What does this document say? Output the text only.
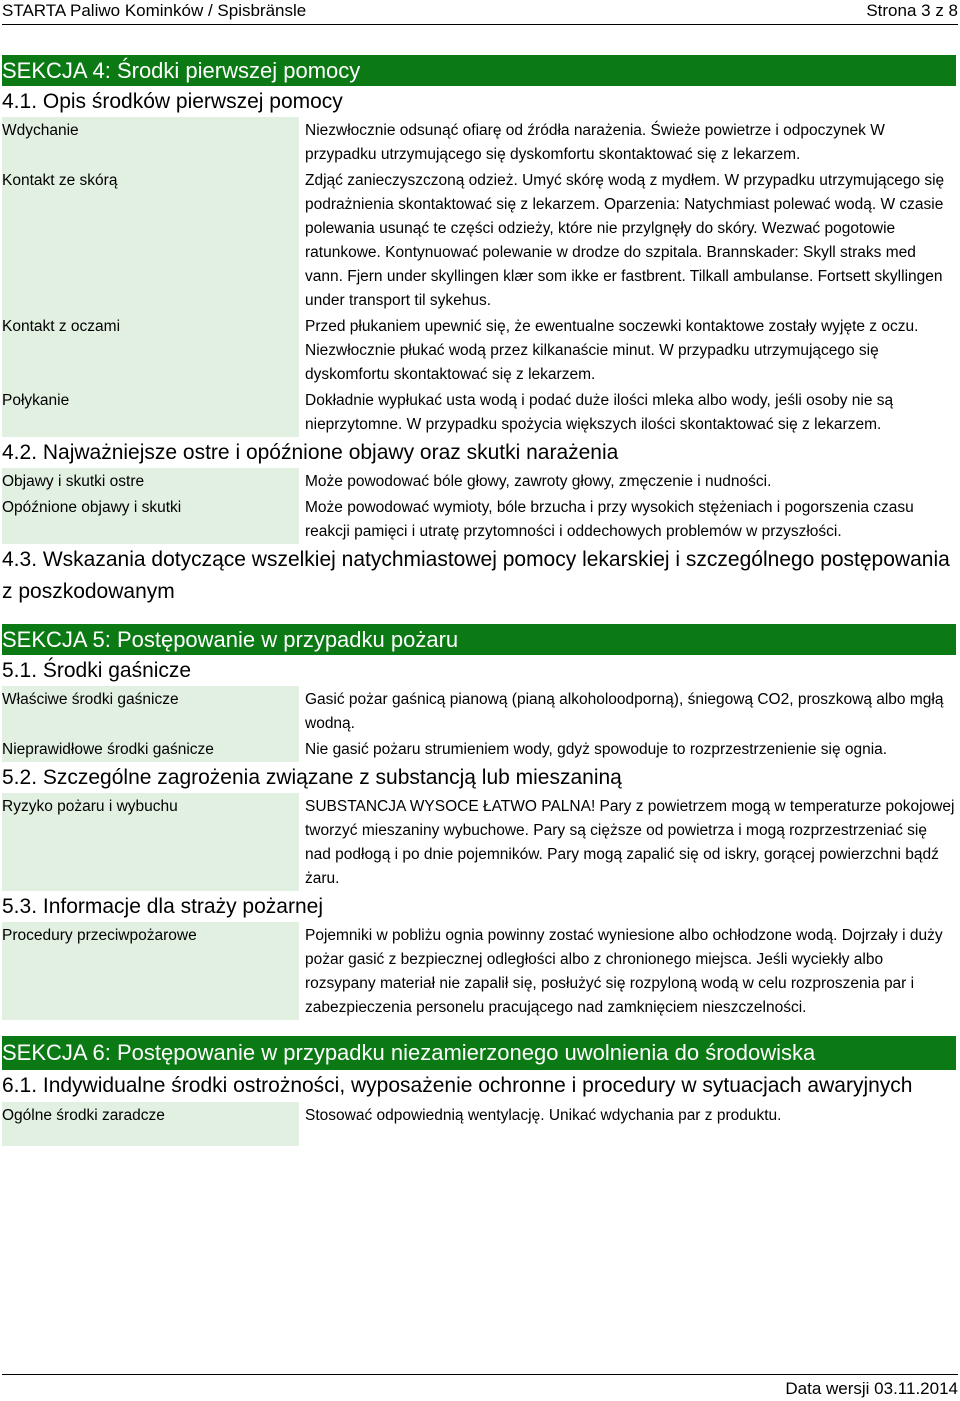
STARTA Paliwo Kominków / Spisbränsle	Strona 3 z 8
SEKCJA 4: Środki pierwszej pomocy
4.1. Opis środków pierwszej pomocy
Wdychanie	Niezwłocznie odsunąć ofiarę od źródła narażenia. Świeże powietrze i odpoczynek W przypadku utrzymującego się dyskomfortu skontaktować się z lekarzem.
Kontakt ze skórą	Zdjąć zanieczyszczoną odzież. Umyć skórę wodą z mydłem. W przypadku utrzymującego się podrażnienia skontaktować się z lekarzem. Oparzenia: Natychmiast polewać wodą. W czasie polewania usunąć te części odzieży, które nie przylgnęły do skóry. Wezwać pogotowie ratunkowe. Kontynuować polewanie w drodze do szpitala. Brannskader: Skyll straks med vann. Fjern under skyllingen klær som ikke er fastbrent. Tilkall ambulanse. Fortsett skyllingen under transport til sykehus.
Kontakt z oczami	Przed płukaniem upewnić się, że ewentualne soczewki kontaktowe zostały wyjęte z oczu. Niezwłocznie płukać wodą przez kilkanaście minut. W przypadku utrzymującego się dyskomfortu skontaktować się z lekarzem.
Połykanie	Dokładnie wypłukać usta wodą i podać duże ilości mleka albo wody, jeśli osoby nie są nieprzytomne. W przypadku spożycia większych ilości skontaktować się z lekarzem.
4.2. Najważniejsze ostre i opóźnione objawy oraz skutki narażenia
Objawy i skutki ostre	Może powodować bóle głowy, zawroty głowy, zmęczenie i nudności.
Opóźnione objawy i skutki	Może powodować wymioty, bóle brzucha i przy wysokich stężeniach i pogorszenia czasu reakcji pamięci i utratę przytomności i oddechowych problemów w przyszłości.
4.3. Wskazania dotyczące wszelkiej natychmiastowej pomocy lekarskiej i szczególnego postępowania z poszkodowanym
SEKCJA 5: Postępowanie w przypadku pożaru
5.1. Środki gaśnicze
Właściwe środki gaśnicze	Gasić pożar gaśnicą pianową (pianą alkoholoodporną), śniegową CO2, proszkową albo mgłą wodną.
Nieprawidłowe środki gaśnicze	Nie gasić pożaru strumieniem wody, gdyż spowoduje to rozprzestrzenienie się ognia.
5.2. Szczególne zagrożenia związane z substancją lub mieszaniną
Ryzyko pożaru i wybuchu	SUBSTANCJA WYSOCE ŁATWO PALNA! Pary z powietrzem mogą w temperaturze pokojowej tworzyć mieszaniny wybuchowe. Pary są cięższe od powietrza i mogą rozprzestrzeniać się nad podłogą i po dnie pojemników. Pary mogą zapalić się od iskry, gorącej powierzchni bądź żaru.
5.3. Informacje dla straży pożarnej
Procedury przeciwpożarowe	Pojemniki w pobliżu ognia powinny zostać wyniesione albo ochłodzone wodą. Dojrzały i duży pożar gasić z bezpiecznej odległości albo z chronionego miejsca. Jeśli wyciekły albo rozsypany materiał nie zapalił się, posłużyć się rozpyloną wodą w celu rozproszenia par i zabezpieczenia personelu pracującego nad zamknięciem nieszczelności.
SEKCJA 6: Postępowanie w przypadku niezamierzonego uwolnienia do środowiska
6.1. Indywidualne środki ostrożności, wyposażenie ochronne i procedury w sytuacjach awaryjnych
Ogólne środki zaradcze	Stosować odpowiednią wentylację. Unikać wdychania par z produktu.
Data wersji 03.11.2014
